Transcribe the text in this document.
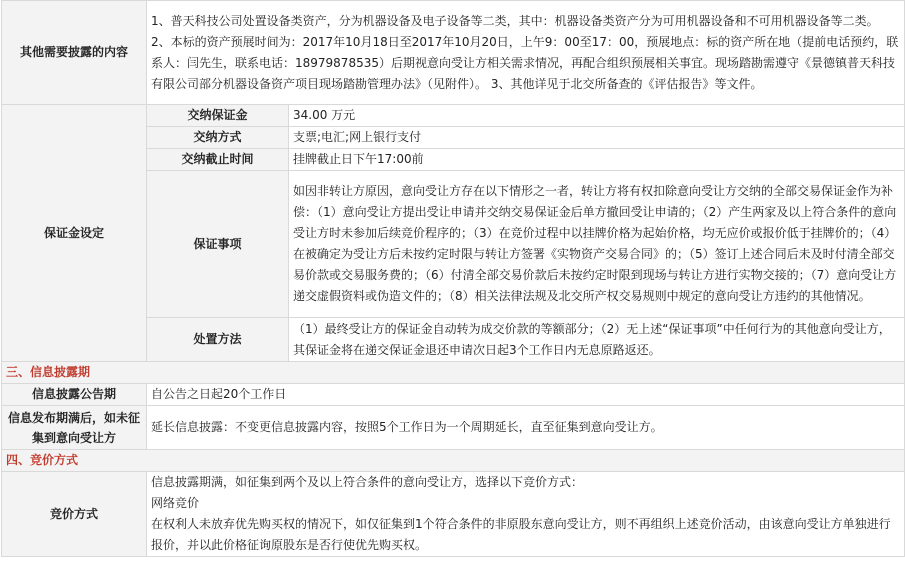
其他需要披露的内容	1、普天科技公司处置设备类资产，分为机器设备及电子设备等二类，其中：机器设备类资产分为可用机器设备和不可用机器设备等二类。 2、本标的资产预展时间为：2017年10月18日至2017年10月20日，上午9：00至17：00，预展地点：标的资产所在地（提前电话预约，联系人：闫先生，联系电话：18979878535）后期视意向受让方相关需求情况，再配合组织预展相关事宜。现场踏勘需遵守《景德镇普天科技有限公司部分机器设备资产项目现场踏勘管理办法》（见附件）。 3、其他详见于北交所备查的《评估报告》等文件。	
保证金设定	交纳保证金	34.00 万元
	交纳方式	支票;电汇;网上银行支付
	交纳截止时间	挂牌截止日下午17:00前
	保证事项	如因非转让方原因，意向受让方存在以下情形之一者，转让方将有权扣除意向受让方交纳的全部交易保证金作为补偿：（1）意向受让方提出受让申请并交纳交易保证金后单方撤回受让申请的；（2）产生两家及以上符合条件的意向受让方时未参加后续竞价程序的；（3）在竞价过程中以挂牌价格为起始价格，均无应价或报价低于挂牌价的；（4）在被确定为受让方后未按约定时限与转让方签署《实物资产交易合同》的；（5）签订上述合同后未及时付清全部交易价款或交易服务费的；（6）付清全部交易价款后未按约定时限到现场与转让方进行实物交接的；（7）意向受让方递交虚假资料或伪造文件的；（8）相关法律法规及北交所产权交易规则中规定的意向受让方违约的其他情况。
	处置方法	（1）最终受让方的保证金自动转为成交价款的等额部分；（2）无上述“保证事项”中任何行为的其他意向受让方，其保证金将在递交保证金退还申请次日起3个工作日内无息原路返还。
三、信息披露期		
信息披露公告期	自公告之日起20个工作日	
信息发布期满后，如未征集到意向受让方	延长信息披露：不变更信息披露内容，按照5个工作日为一个周期延长，直至征集到意向受让方。	
四、竞价方式		
竞价方式	信息披露期满，如征集到两个及以上符合条件的意向受让方，选择以下竞价方式：
网络竞价
在权利人未放弃优先购买权的情况下，如仅征集到1个符合条件的非原股东意向受让方，则不再组织上述竞价活动，由该意向受让方单独进行报价，并以此价格征询原股东是否行使优先购买权。	
